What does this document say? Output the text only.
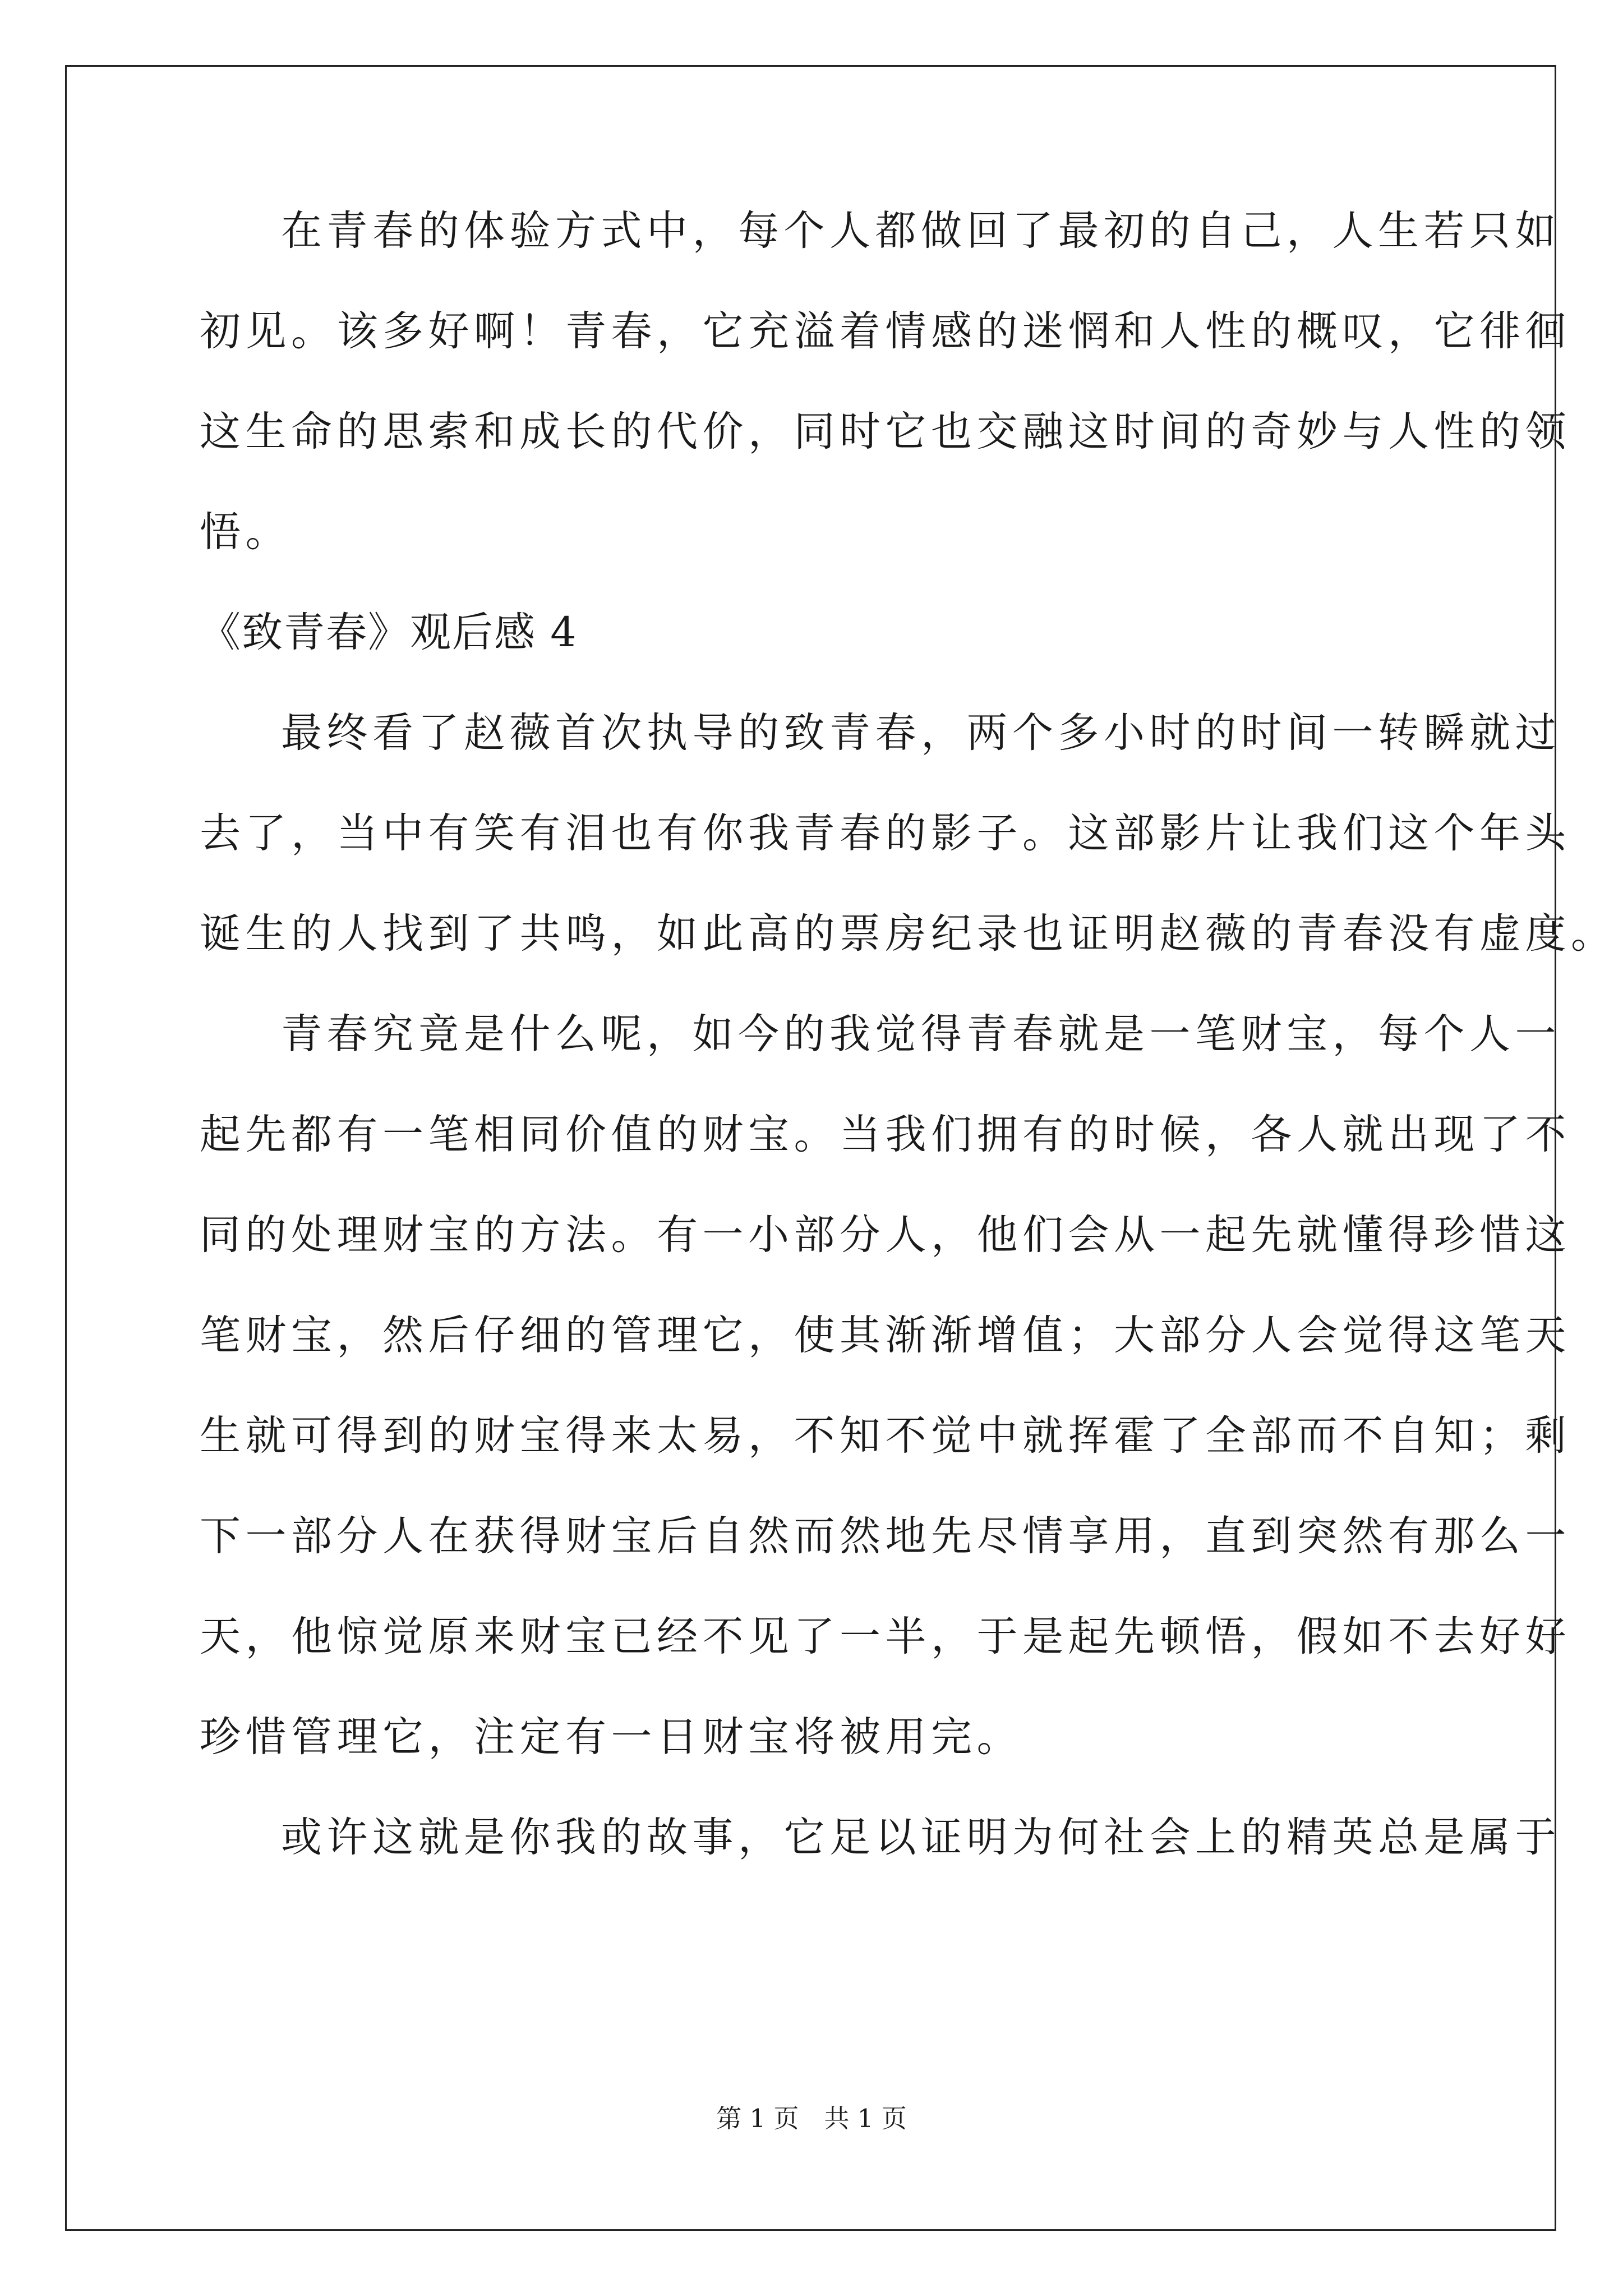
在青春的体验方式中，每个人都做回了最初的自己，人生若只如
初见。该多好啊！青春，它充溢着情感的迷惘和人性的概叹，它徘徊
这生命的思索和成长的代价，同时它也交融这时间的奇妙与人性的领
悟。
《致青春》观后感 4
最终看了赵薇首次执导的致青春，两个多小时的时间一转瞬就过
去了，当中有笑有泪也有你我青春的影子。这部影片让我们这个年头
诞生的人找到了共鸣，如此高的票房纪录也证明赵薇的青春没有虚度。
青春究竟是什么呢，如今的我觉得青春就是一笔财宝，每个人一
起先都有一笔相同价值的财宝。当我们拥有的时候，各人就出现了不
同的处理财宝的方法。有一小部分人，他们会从一起先就懂得珍惜这
笔财宝，然后仔细的管理它，使其渐渐增值；大部分人会觉得这笔天
生就可得到的财宝得来太易，不知不觉中就挥霍了全部而不自知；剩
下一部分人在获得财宝后自然而然地先尽情享用，直到突然有那么一
天，他惊觉原来财宝已经不见了一半，于是起先顿悟，假如不去好好
珍惜管理它，注定有一日财宝将被用完。
或许这就是你我的故事，它足以证明为何社会上的精英总是属于
第 1 页　共 1 页
